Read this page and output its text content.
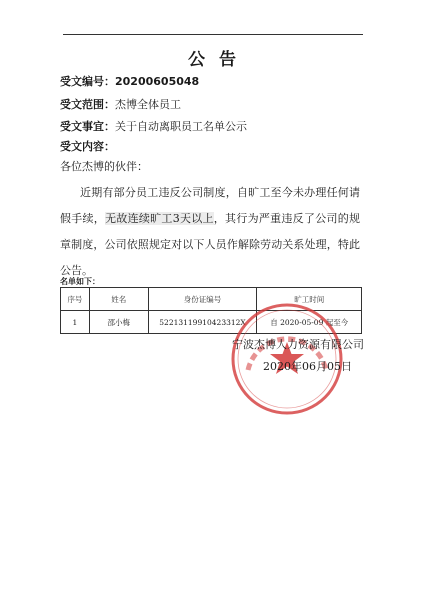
公告
受文编号：20200605048
受文范围：杰博全体员工
受文事宜：关于自动离职员工名单公示
受文内容：
各位杰博的伙伴：
近期有部分员工违反公司制度，自旷工至今未办理任何请假手续，无故连续旷工3天以上，其行为严重违反了公司的规章制度，公司依照规定对以下人员作解除劳动关系处理，特此公告。
名单如下：
序号	姓名	身份证编号	旷工时间
1	邵小梅	52213119910423312X	自 2020-05-09 起至今
宁波杰博人力资源有限公司
2020年06月05日
